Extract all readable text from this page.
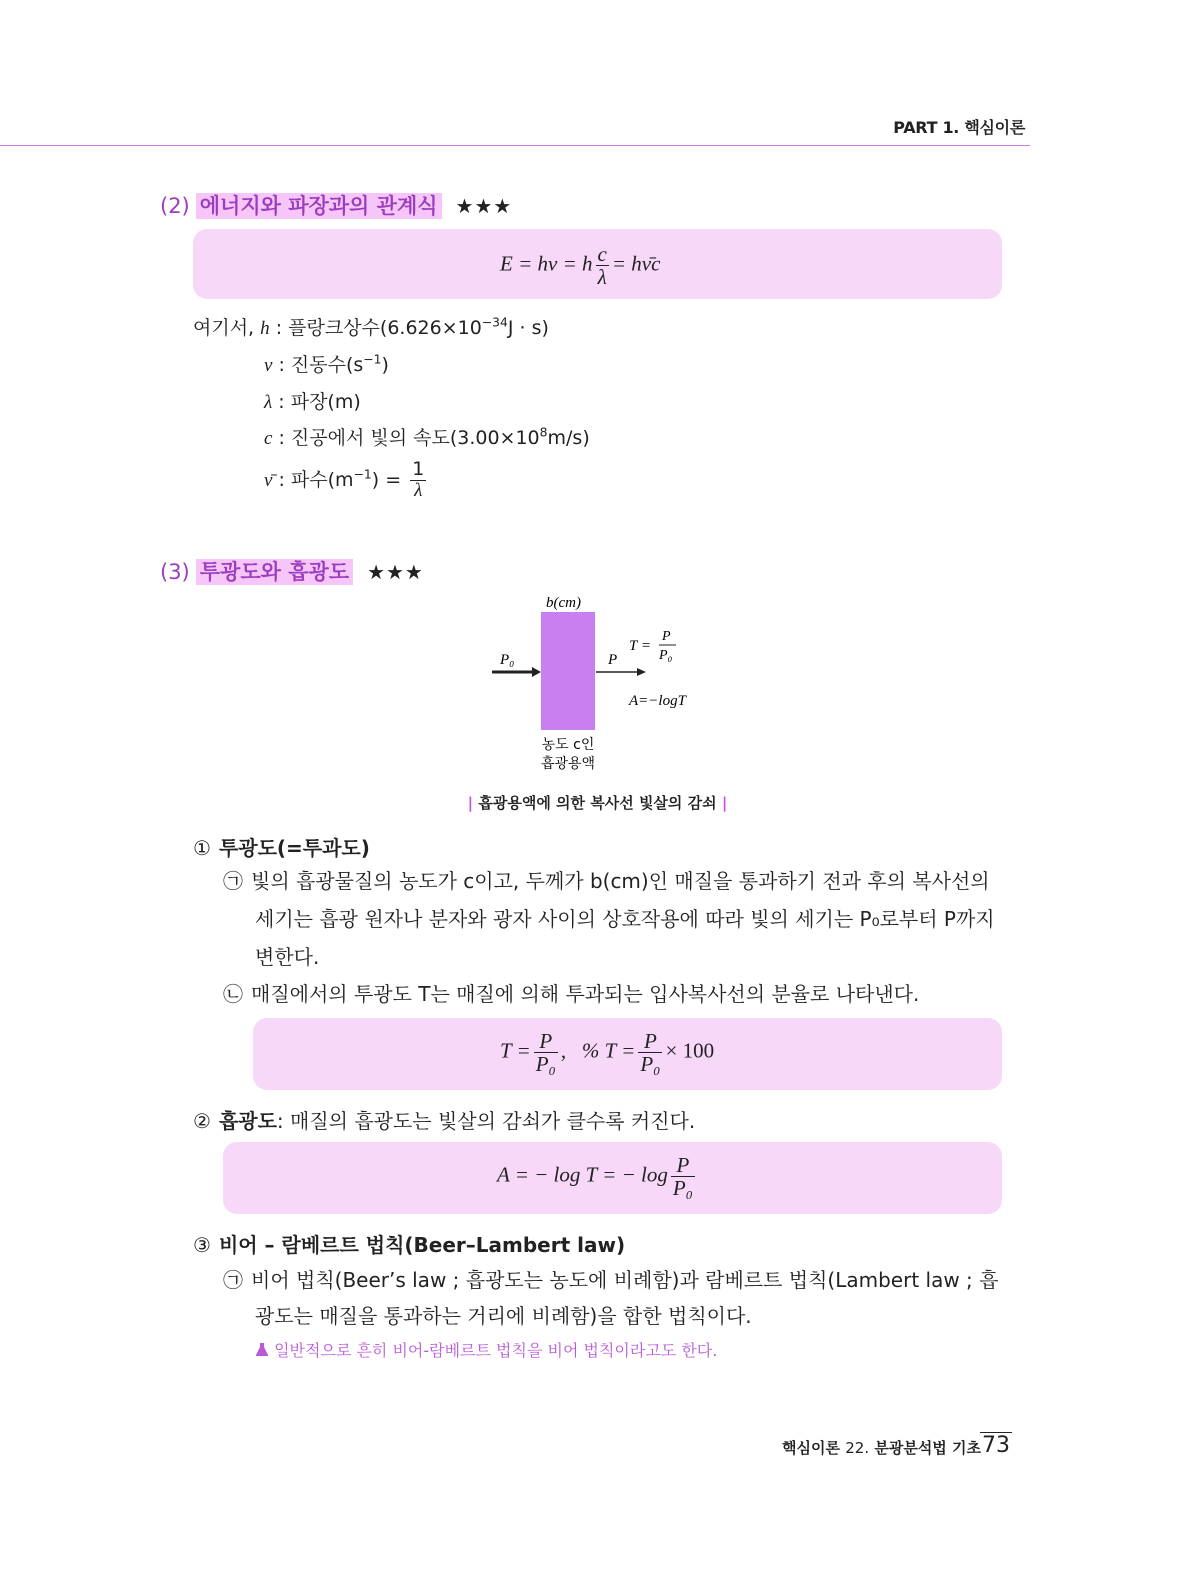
PART 1. 핵심이론
(2) 에너지와 파장과의 관계식 ★★★
E = hν = h $\frac{c}{\lambda}$ = hν̄c
여기서, h : 플랑크상수$(6.626\times 10^{-34}J \cdot s)$
ν : 진동수$(s^{-1})$
λ : 파장(m)
c : 진공에서 빛의 속도$(3.00\times 10^8m/s)$
ν̄ : 파수$(m^{-1}) = \frac{1}{\lambda}$
(3) 투광도와 흡광도 ★★★
b(cm)
P₀	P
T =
P
P₀
A=−logT
농도 c인
흡광용액
| 흡광용액에 의한 복사선 빛살의 감쇠 |
① 투광도(=투과도)
㉠ 빛의 흡광물질의 농도가 c이고, 두께가 b(cm)인 매질을 통과하기 전과 후의 복사선의
세기는 흡광 원자나 분자와 광자 사이의 상호작용에 따라 빛의 세기는 P₀로부터 P까지
변한다.
㉡ 매질에서의 투광도 T는 매질에 의해 투과되는 입사복사선의 분율로 나타낸다.
$T = \frac{P}{\text{P₀}}$ , % $T = \frac{P}{\text{P₀}} \times 100$
② 흡광도: 매질의 흡광도는 빛살의 감쇠가 클수록 커진다.
A = − log T = − $\log \frac{P}{\text{P₀}}$
③ 비어 – 람베르트 법칙(Beer–Lambert law)
㉠ 비어 법칙(Beer’s law ; 흡광도는 농도에 비례함)과 람베르트 법칙(Lambert law ; 흡
광도는 매질을 통과하는 거리에 비례함)을 합한 법칙이다.
일반적으로 흔히 비어-람베르트 법칙을 비어 법칙이라고도 한다.
핵심이론 22. 분광분석법 기초 73
